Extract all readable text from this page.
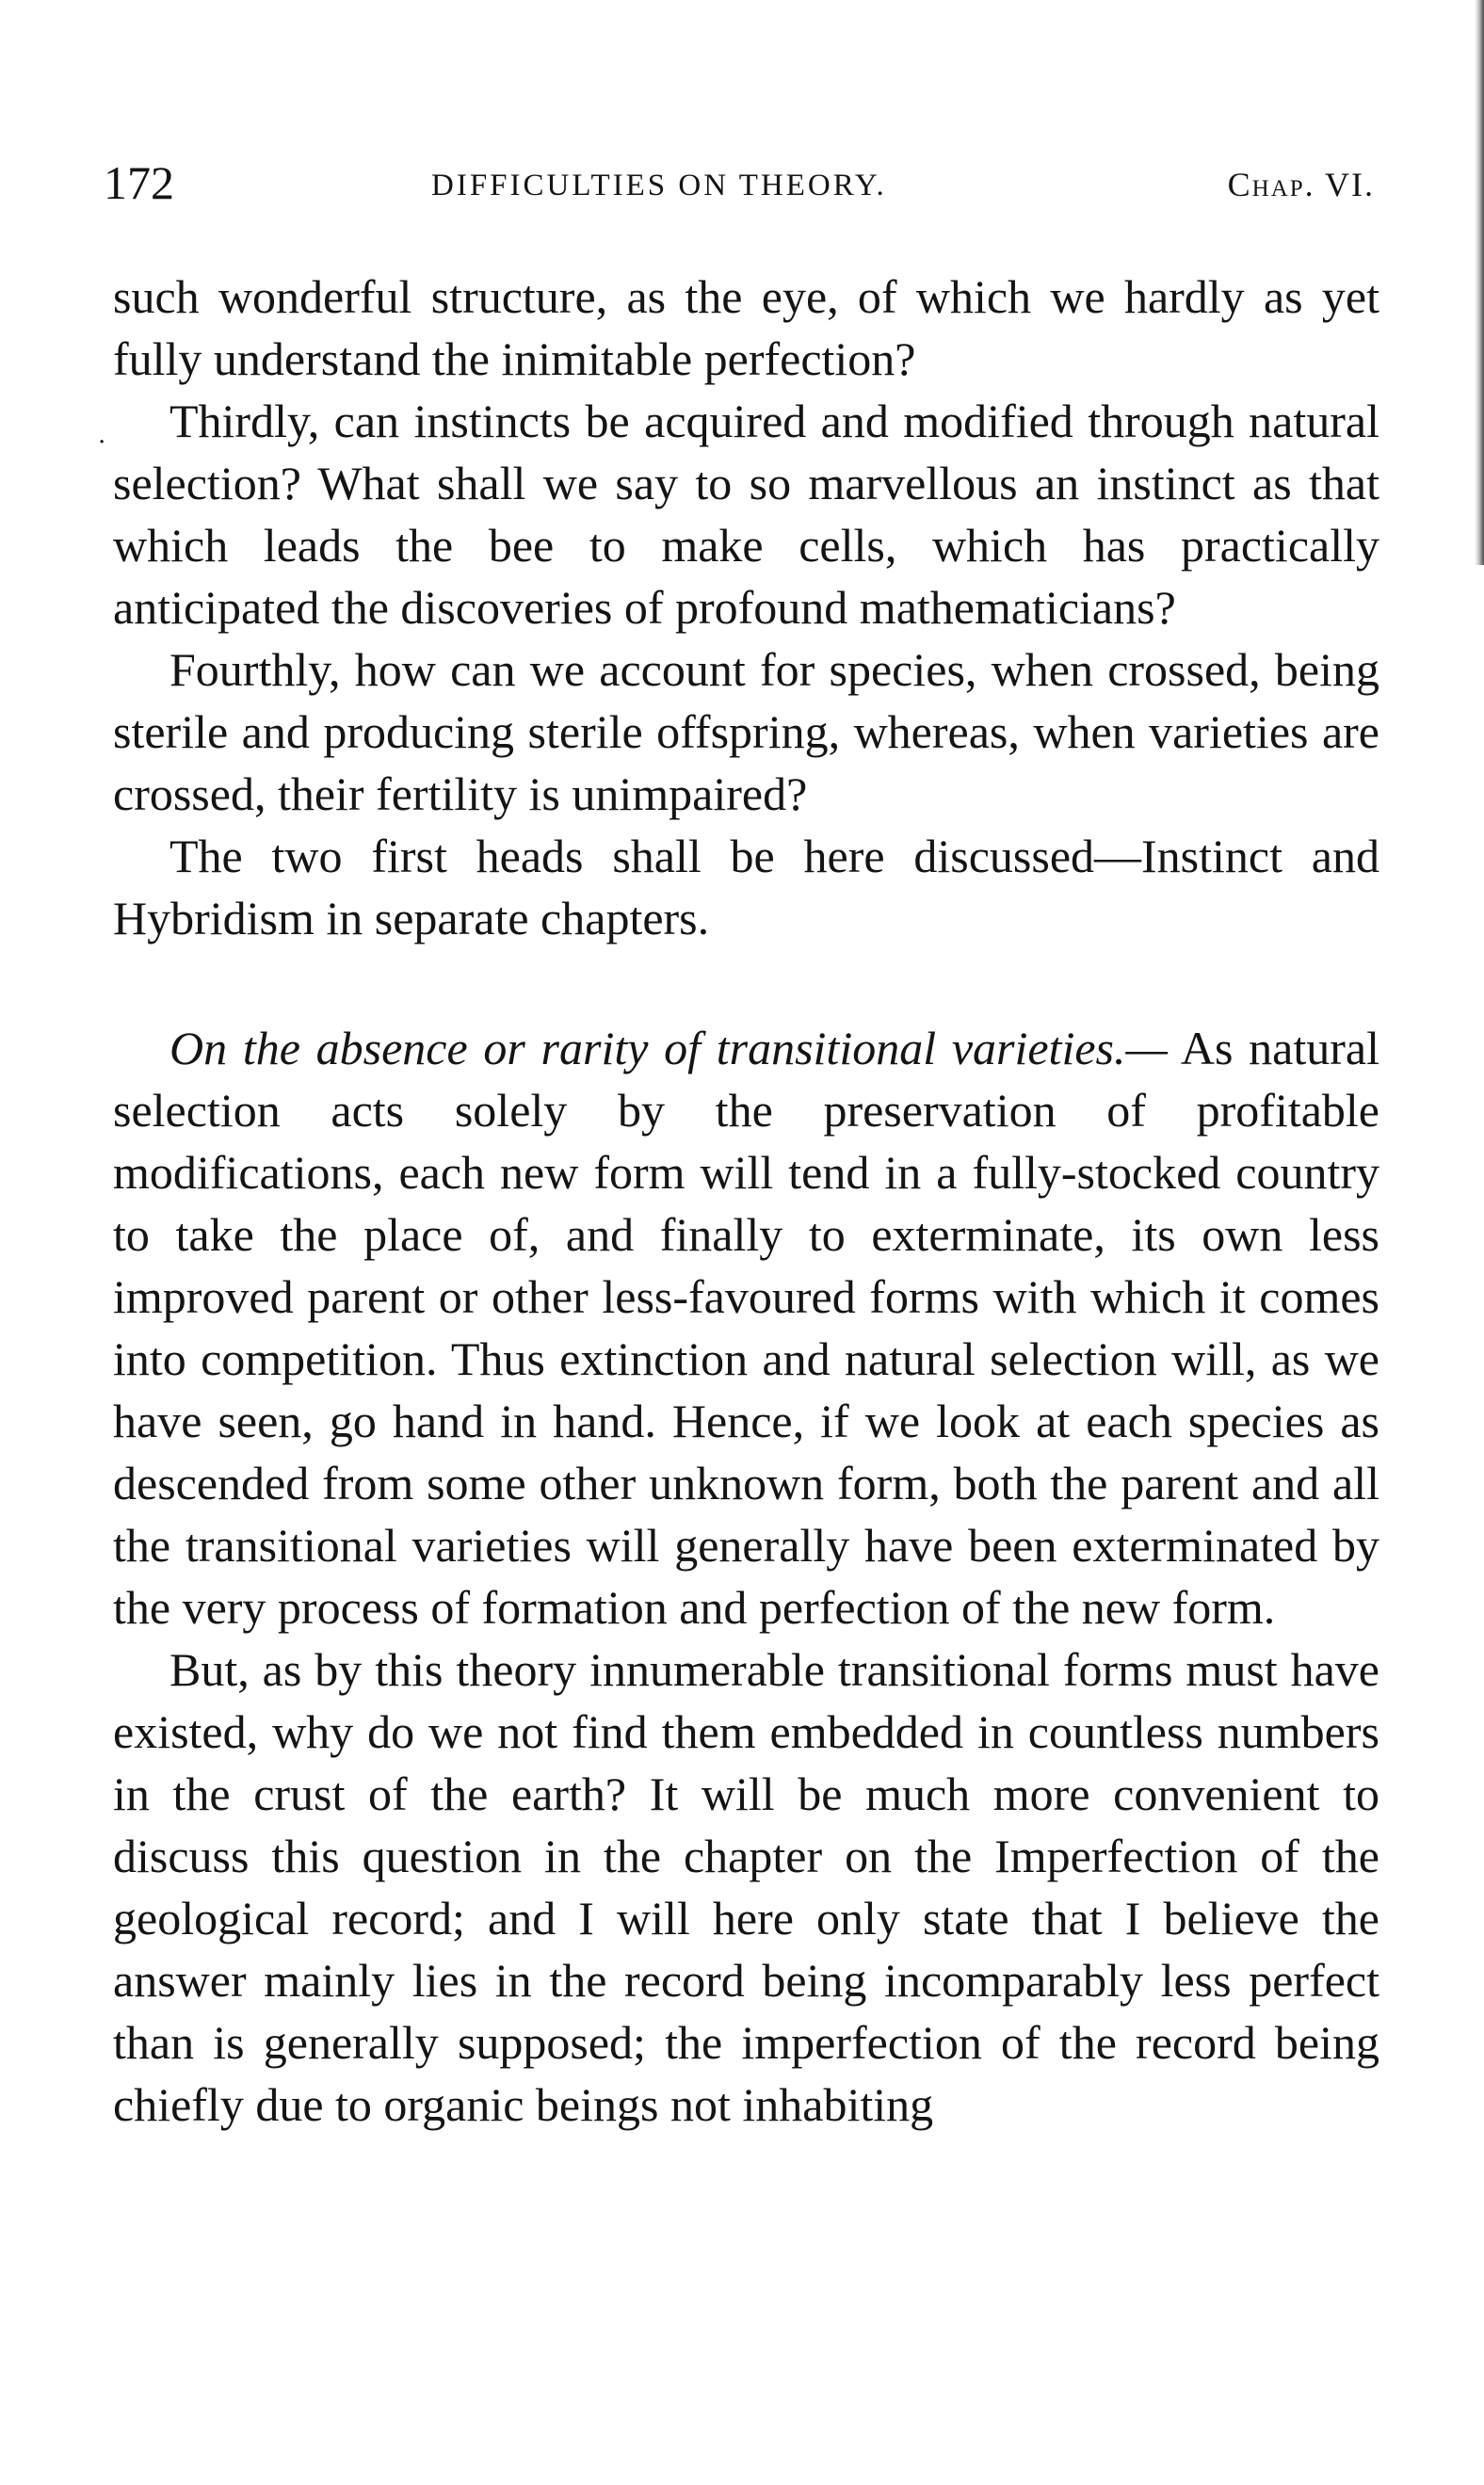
172	DIFFICULTIES ON THEORY.	Chap. VI.
.

such wonderful structure, as the eye, of which we hardly as yet fully understand the inimitable perfection?

Thirdly, can instincts be acquired and modified through natural selection? What shall we say to so marvellous an instinct as that which leads the bee to make cells, which has practically anticipated the discoveries of profound mathematicians?

Fourthly, how can we account for species, when crossed, being sterile and producing sterile offspring, whereas, when varieties are crossed, their fertility is unimpaired?

The two first heads shall be here discussed—Instinct and Hybridism in separate chapters.

On the absence or rarity of transitional varieties.— As natural selection acts solely by the preservation of profitable modifications, each new form will tend in a fully-stocked country to take the place of, and finally to exterminate, its own less improved parent or other less-favoured forms with which it comes into competition. Thus extinction and natural selection will, as we have seen, go hand in hand. Hence, if we look at each species as descended from some other unknown form, both the parent and all the transitional varieties will generally have been exterminated by the very process of formation and perfection of the new form.

But, as by this theory innumerable transitional forms must have existed, why do we not find them embedded in countless numbers in the crust of the earth? It will be much more convenient to discuss this question in the chapter on the Imperfection of the geological record; and I will here only state that I believe the answer mainly lies in the record being incomparably less perfect than is generally supposed; the imperfection of the record being chiefly due to organic beings not inhabiting
